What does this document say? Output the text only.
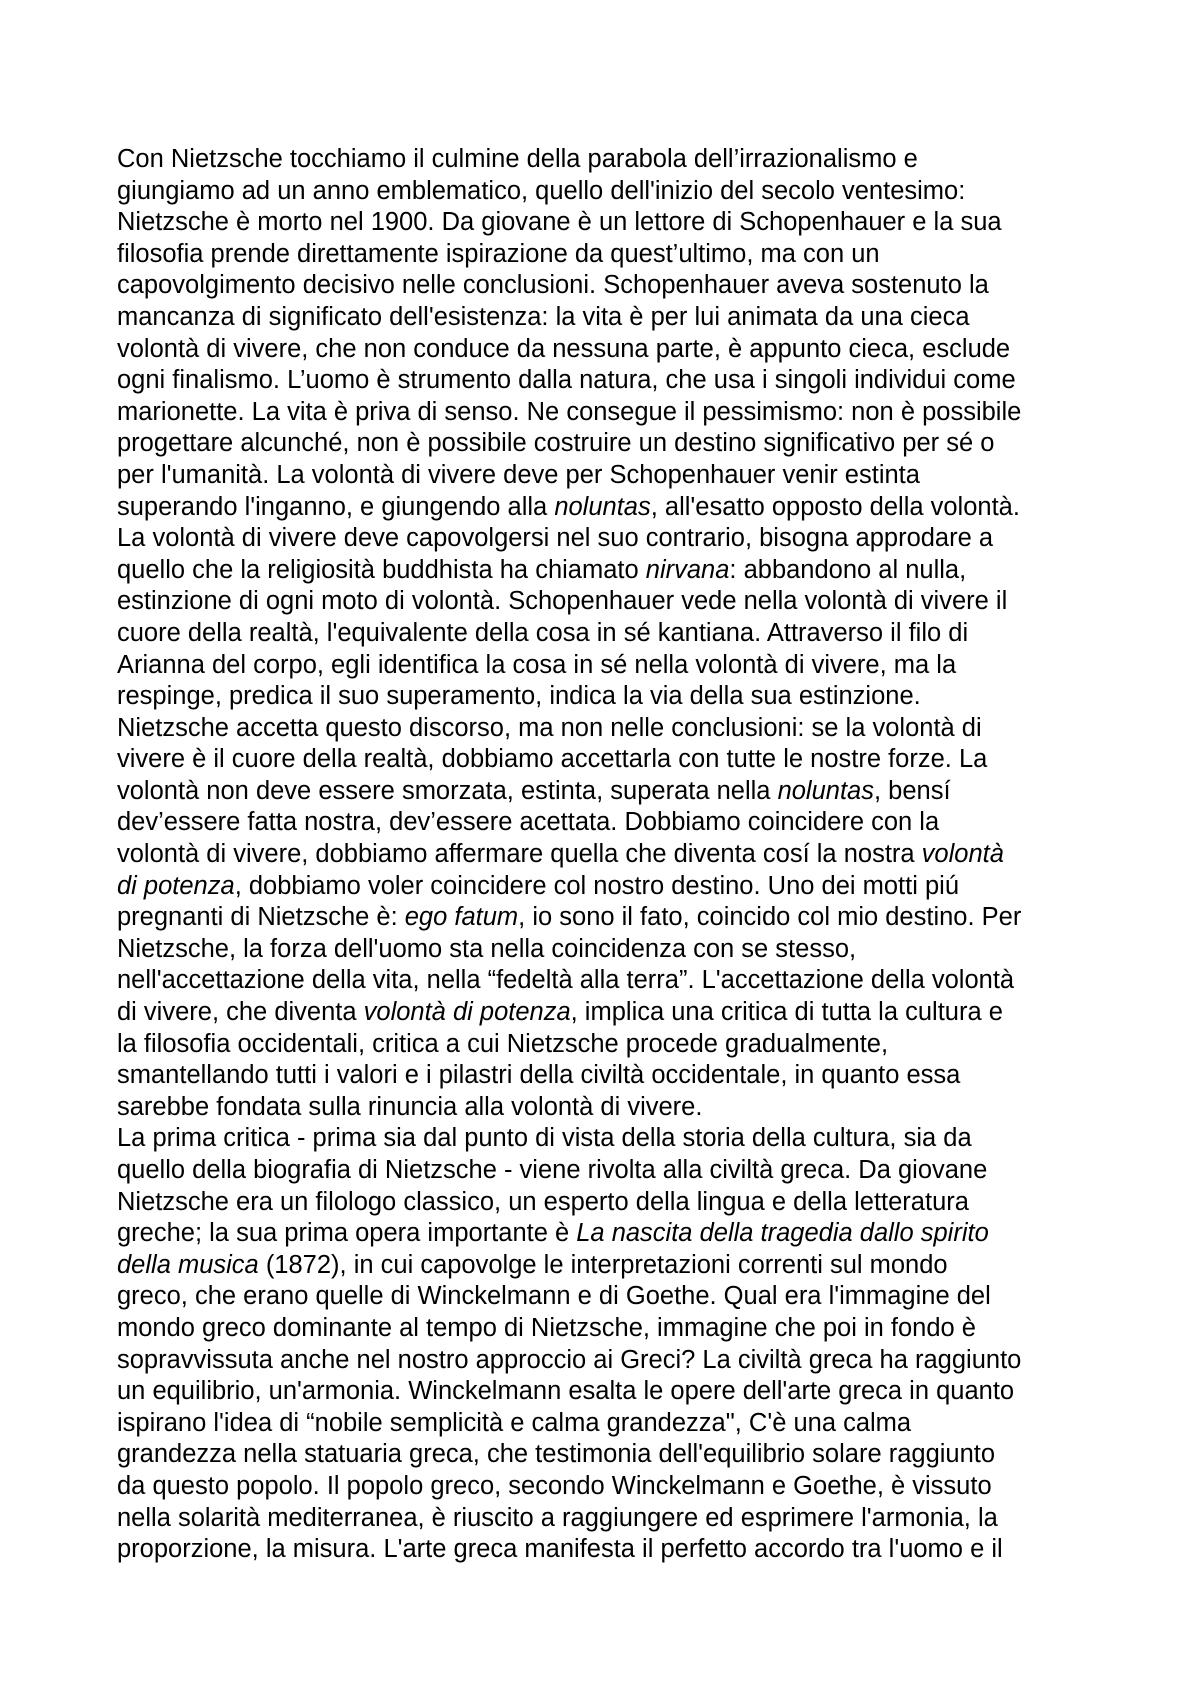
Con Nietzsche tocchiamo il culmine della parabola dell’irrazionalismo e
giungiamo ad un anno emblematico, quello dell'inizio del secolo ventesimo:
Nietzsche è morto nel 1900. Da giovane è un lettore di Schopenhauer e la sua
filosofia prende direttamente ispirazione da quest’ultimo, ma con un
capovolgimento decisivo nelle conclusioni. Schopenhauer aveva sostenuto la
mancanza di significato dell'esistenza: la vita è per lui animata da una cieca
volontà di vivere, che non conduce da nessuna parte, è appunto cieca, esclude
ogni finalismo. L’uomo è strumento dalla natura, che usa i singoli individui come
marionette. La vita è priva di senso. Ne consegue il pessimismo: non è possibile
progettare alcunché, non è possibile costruire un destino significativo per sé o
per l'umanità. La volontà di vivere deve per Schopenhauer venir estinta
superando l'inganno, e giungendo alla noluntas, all'esatto opposto della volontà.
La volontà di vivere deve capovolgersi nel suo contrario, bisogna approdare a
quello che la religiosità buddhista ha chiamato nirvana: abbandono al nulla,
estinzione di ogni moto di volontà. Schopenhauer vede nella volontà di vivere il
cuore della realtà, l'equivalente della cosa in sé kantiana. Attraverso il filo di
Arianna del corpo, egli identifica la cosa in sé nella volontà di vivere, ma la
respinge, predica il suo superamento, indica la via della sua estinzione.
Nietzsche accetta questo discorso, ma non nelle conclusioni: se la volontà di
vivere è il cuore della realtà, dobbiamo accettarla con tutte le nostre forze. La
volontà non deve essere smorzata, estinta, superata nella noluntas, bensí
dev’essere fatta nostra, dev’essere acettata. Dobbiamo coincidere con la
volontà di vivere, dobbiamo affermare quella che diventa cosí la nostra volontà
di potenza, dobbiamo voler coincidere col nostro destino. Uno dei motti piú
pregnanti di Nietzsche è: ego fatum, io sono il fato, coincido col mio destino. Per
Nietzsche, la forza dell'uomo sta nella coincidenza con se stesso,
nell'accettazione della vita, nella “fedeltà alla terra”. L'accettazione della volontà
di vivere, che diventa volontà di potenza, implica una critica di tutta la cultura e
la filosofia occidentali, critica a cui Nietzsche procede gradualmente,
smantellando tutti i valori e i pilastri della civiltà occidentale, in quanto essa
sarebbe fondata sulla rinuncia alla volontà di vivere.
La prima critica - prima sia dal punto di vista della storia della cultura, sia da
quello della biografia di Nietzsche - viene rivolta alla civiltà greca. Da giovane
Nietzsche era un filologo classico, un esperto della lingua e della letteratura
greche; la sua prima opera importante è La nascita della tragedia dallo spirito
della musica (1872), in cui capovolge le interpretazioni correnti sul mondo
greco, che erano quelle di Winckelmann e di Goethe. Qual era l'immagine del
mondo greco dominante al tempo di Nietzsche, immagine che poi in fondo è
sopravvissuta anche nel nostro approccio ai Greci? La civiltà greca ha raggiunto
un equilibrio, un'armonia. Winckelmann esalta le opere dell'arte greca in quanto
ispirano l'idea di “nobile semplicità e calma grandezza", C'è una calma
grandezza nella statuaria greca, che testimonia dell'equilibrio solare raggiunto
da questo popolo. Il popolo greco, secondo Winckelmann e Goethe, è vissuto
nella solarità mediterranea, è riuscito a raggiungere ed esprimere l'armonia, la
proporzione, la misura. L'arte greca manifesta il perfetto accordo tra l'uomo e il
